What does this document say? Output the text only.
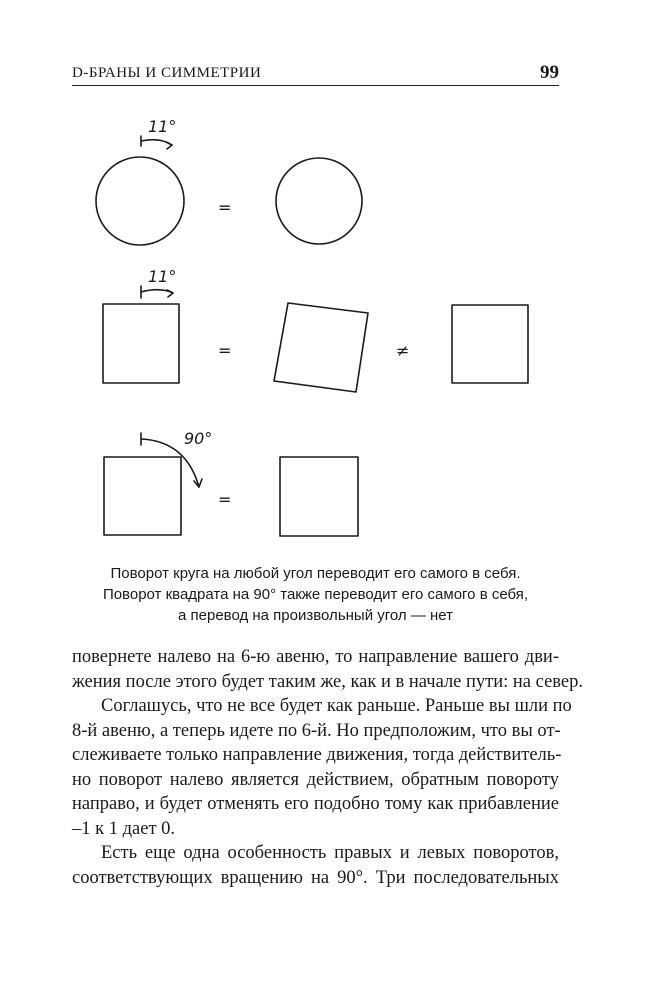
D-БРАНЫ И СИММЕТРИИ	99
11°
=
11°
=	≠
90°
=
Поворот круга на любой угол переводит его самого в себя.
Поворот квадрата на 90° также переводит его самого в себя,
а перевод на произвольный угол — нет
повернете налево на 6-ю авеню, то направление вашего дви-
жения после этого будет таким же, как и в начале пути: на север.
Соглашусь, что не все будет как раньше. Раньше вы шли по
8-й авеню, а теперь идете по 6-й. Но предположим, что вы от-
слеживаете только направление движения, тогда действитель-
но поворот налево является действием, обратным повороту
направо, и будет отменять его подобно тому как прибавление
–1 к 1 дает 0.
Есть еще одна особенность правых и левых поворотов,
соответствующих вращению на 90°. Три последовательных
